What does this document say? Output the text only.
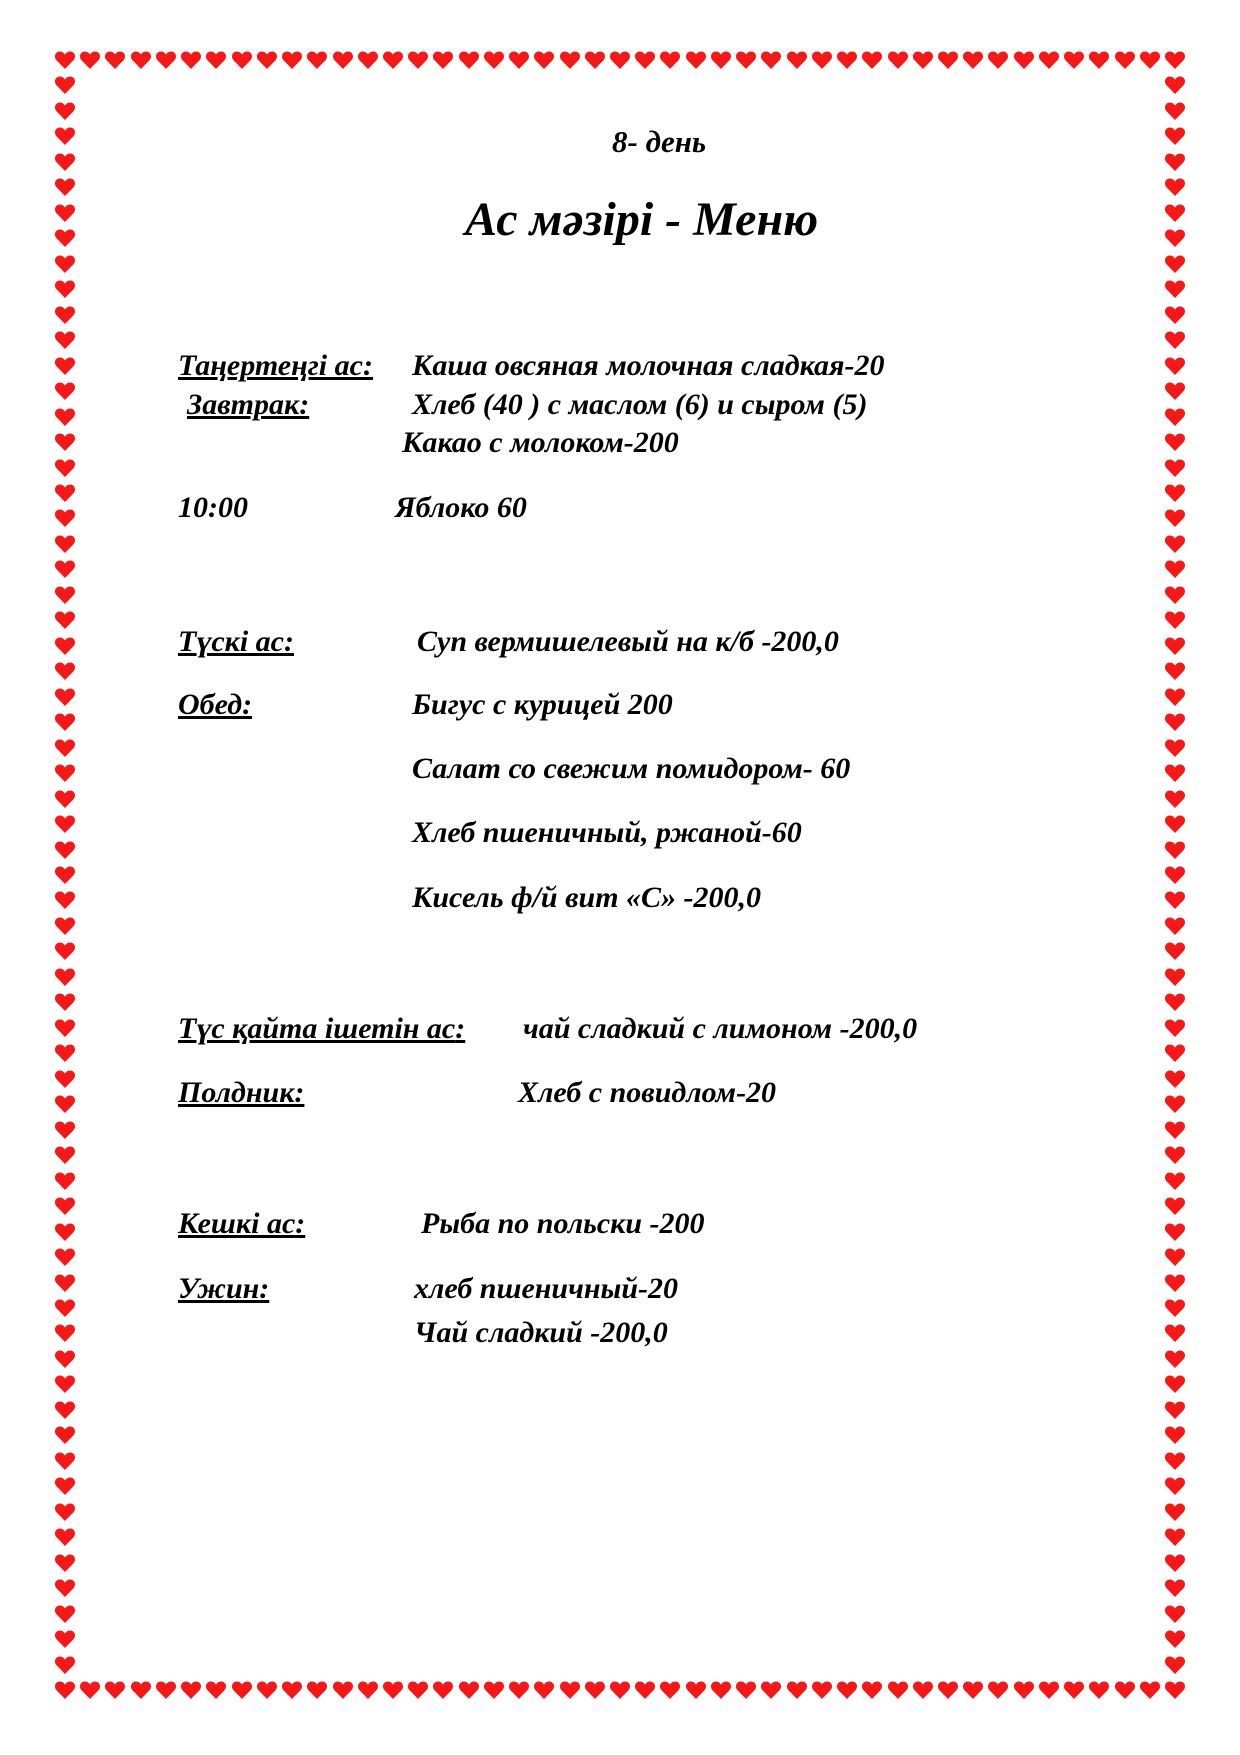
8- день
Ас мәзірі - Меню
Таңертеңгі ас: Каша овсяная молочная сладкая-20
Завтрак:	Хлеб (40 ) с маслом (6) и сыром (5)
Какао с молоком-200
10:00	Яблоко 60
Түскі ас:	Суп вермишелевый на к/б -200,0
Обед:	Бигус с курицей 200
Салат со свежим помидором- 60
Хлеб пшеничный, ржаной-60
Кисель ф/й вит «С» -200,0
Түс қайта ішетін ас: чай сладкий с лимоном -200,0
Полдник:	Хлеб с повидлом-20
Кешкі ас:	Рыба по польски -200
Ужин:	хлеб пшеничный-20
Чай сладкий -200,0
